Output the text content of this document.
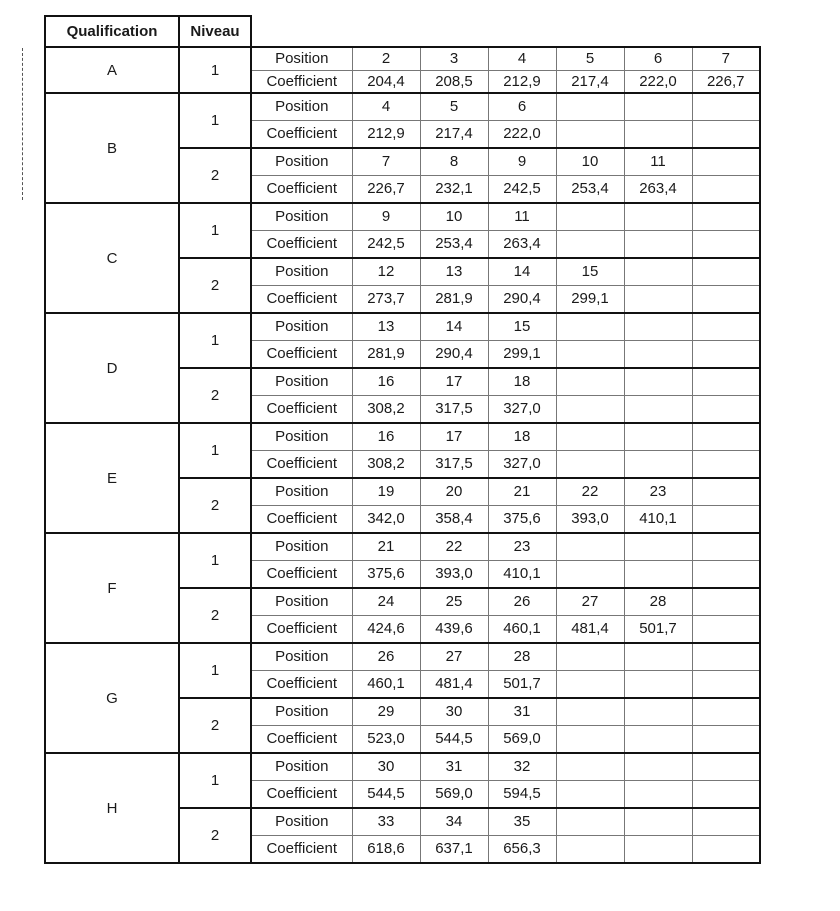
Qualification	Niveau							
A	1	Position	2	3	4	5	6	7
		Coefficient	204,4	208,5	212,9	217,4	222,0	226,7
B	1	Position	4	5	6			
		Coefficient	212,9	217,4	222,0			
	2	Position	7	8	9	10	11	
		Coefficient	226,7	232,1	242,5	253,4	263,4	
C	1	Position	9	10	11			
		Coefficient	242,5	253,4	263,4			
	2	Position	12	13	14	15		
		Coefficient	273,7	281,9	290,4	299,1		
D	1	Position	13	14	15			
		Coefficient	281,9	290,4	299,1			
	2	Position	16	17	18			
		Coefficient	308,2	317,5	327,0			
E	1	Position	16	17	18			
		Coefficient	308,2	317,5	327,0			
	2	Position	19	20	21	22	23	
		Coefficient	342,0	358,4	375,6	393,0	410,1	
F	1	Position	21	22	23			
		Coefficient	375,6	393,0	410,1			
	2	Position	24	25	26	27	28	
		Coefficient	424,6	439,6	460,1	481,4	501,7	
G	1	Position	26	27	28			
		Coefficient	460,1	481,4	501,7			
	2	Position	29	30	31			
		Coefficient	523,0	544,5	569,0			
H	1	Position	30	31	32			
		Coefficient	544,5	569,0	594,5			
	2	Position	33	34	35			
		Coefficient	618,6	637,1	656,3			
